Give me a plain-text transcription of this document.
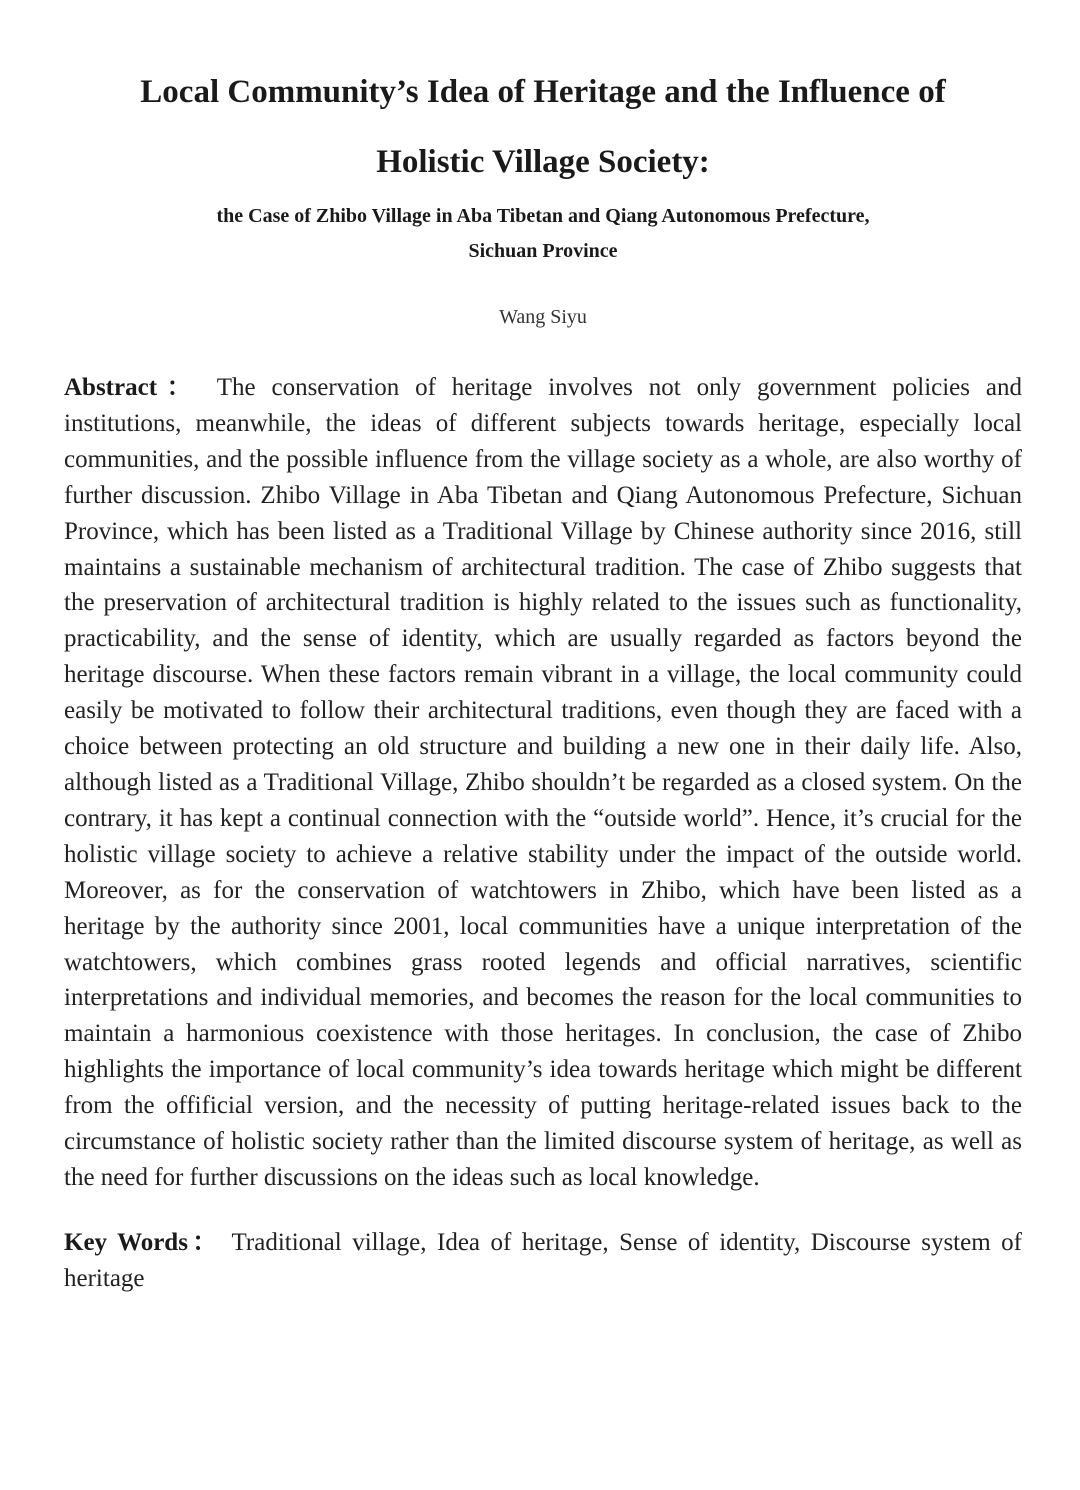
Local Community’s Idea of Heritage and the Influence of
Holistic Village Society:
the Case of Zhibo Village in Aba Tibetan and Qiang Autonomous Prefecture,
Sichuan Province
Wang Siyu
Abstract： The conservation of heritage involves not only government policies and institutions, meanwhile, the ideas of different subjects towards heritage, especially local communities, and the possible influence from the village society as a whole, are also worthy of further discussion. Zhibo Village in Aba Tibetan and Qiang Autonomous Prefecture, Sichuan Province, which has been listed as a Traditional Village by Chinese authority since 2016, still maintains a sustainable mechanism of architectural tradition. The case of Zhibo suggests that the preservation of architectural tradition is highly related to the issues such as functionality, practicability, and the sense of identity, which are usually regarded as factors beyond the heritage discourse. When these factors remain vibrant in a village, the local community could easily be motivated to follow their architectural traditions, even though they are faced with a choice between protecting an old structure and building a new one in their daily life. Also, although listed as a Traditional Village, Zhibo shouldn’t be regarded as a closed system. On the contrary, it has kept a continual connection with the “outside world”. Hence, it’s crucial for the holistic village society to achieve a relative stability under the impact of the outside world. Moreover, as for the conservation of watchtowers in Zhibo, which have been listed as a heritage by the authority since 2001, local communities have a unique interpretation of the watchtowers, which combines grass rooted legends and official narratives, scientific interpretations and individual memories, and becomes the reason for the local communities to maintain a harmonious coexistence with those heritages. In conclusion, the case of Zhibo highlights the importance of local community’s idea towards heritage which might be different from the offificial version, and the necessity of putting heritage-related issues back to the circumstance of holistic society rather than the limited discourse system of heritage, as well as the need for further discussions on the ideas such as local knowledge.
Key Words： Traditional village, Idea of heritage, Sense of identity, Discourse system of heritage
